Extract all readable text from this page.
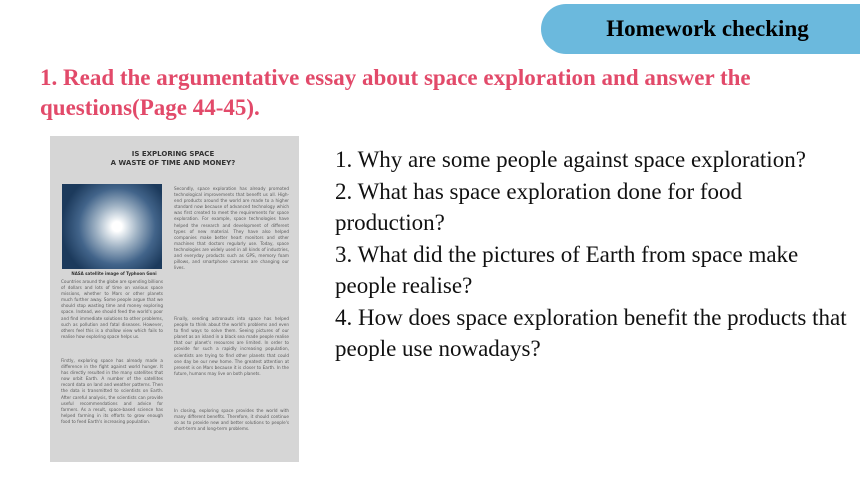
Homework checking
1. Read the argumentative essay about space exploration and answer the questions(Page 44-45).
IS EXPLORING SPACE
A WASTE OF TIME AND MONEY?
NASA satellite image of Typhoon Goni
Countries around the globe are spending billions of dollars and lots of time on various space missions, whether to Mars or other planets much further away. Some people argue that we should stop wasting time and money exploring space. Instead, we should feed the world's poor and find immediate solutions to other problems, such as pollution and fatal diseases. However, others feel this is a shallow view which fails to realise how exploring space helps us.
Firstly, exploring space has already made a difference in the fight against world hunger. It has directly resulted in the many satellites that now orbit Earth. A number of the satellites record data on land and weather patterns. Then the data is transmitted to scientists on Earth. After careful analysis, the scientists can provide useful recommendations and advice for farmers. As a result, space-based science has helped farming in its efforts to grow enough food to feed Earth's increasing population.
Secondly, space exploration has already promoted technological improvements that benefit us all. High-end products around the world are made to a higher standard now because of advanced technology which was first created to meet the requirements for space exploration. For example, space technologies have helped the research and development of different types of new material. They have also helped companies make better heart monitors and other machines that doctors regularly use. Today, space technologies are widely used in all kinds of industries, and everyday products such as GPS, memory foam pillows, and smartphone cameras are changing our lives.
Finally, sending astronauts into space has helped people to think about the world's problems and even to find ways to solve them. Seeing pictures of our planet as an island in a black sea made people realise that our planet's resources are limited. In order to provide for such a rapidly increasing population, scientists are trying to find other planets that could one day be our new home. The greatest attention at present is on Mars because it is closer to Earth. In the future, humans may live on both planets.
In closing, exploring space provides the world with many different benefits. Therefore, it should continue so as to provide new and better solutions to people's short-term and long-term problems.
1. Why are some people against space exploration?
2. What has space exploration done for food production?
3. What did the pictures of Earth from space make people realise?
4. How does space exploration benefit the products that people use nowadays?
